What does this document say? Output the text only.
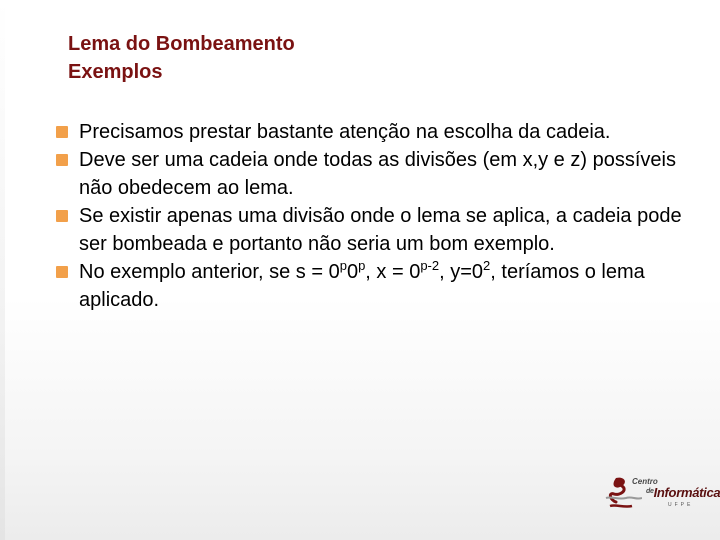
Lema do Bombeamento
Exemplos
Precisamos prestar bastante atenção na escolha da cadeia.
Deve ser uma cadeia onde todas as divisões (em x,y e z) possíveis não obedecem ao lema.
Se existir apenas uma divisão onde o lema se aplica, a cadeia pode ser bombeada e portanto não seria um bom exemplo.
No exemplo anterior, se $s = 0^p0^p$, $x = 0^{p-2}$, $y=0^2$, teríamos o lema aplicado.
Centro
$^{de}$Informática
UFPE
